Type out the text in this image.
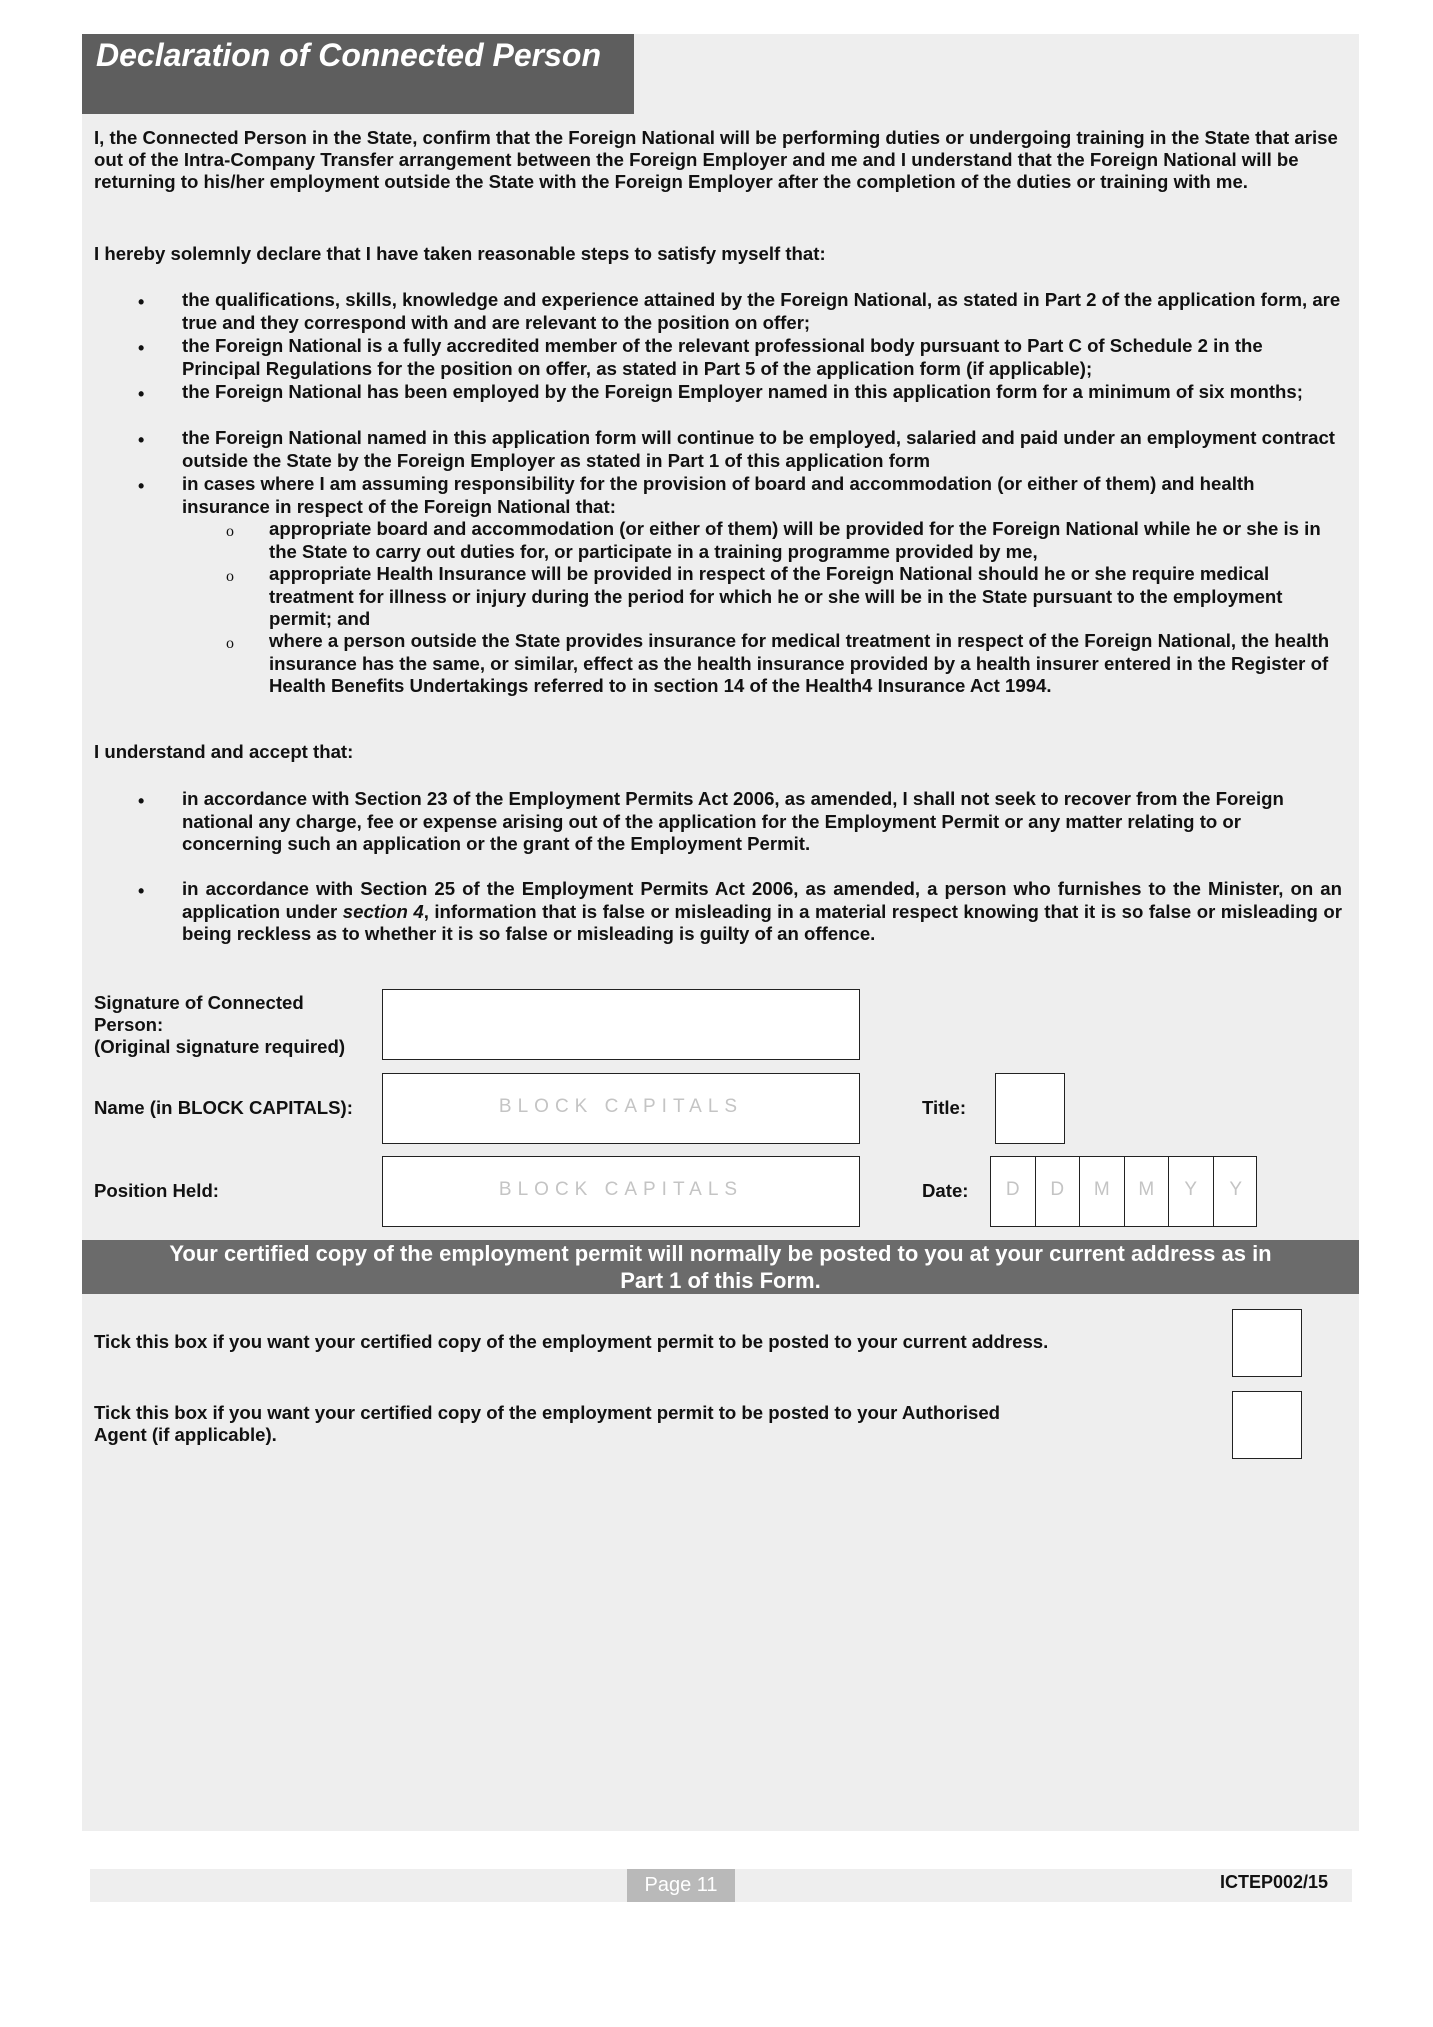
Declaration of Connected Person

I, the Connected Person in the State, confirm that the Foreign National will be performing duties or undergoing training in the State that arise out of the Intra-Company Transfer arrangement between the Foreign Employer and me and I understand that the Foreign National will be returning to his/her employment outside the State with the Foreign Employer after the completion of the duties or training with me.

I hereby solemnly declare that I have taken reasonable steps to satisfy myself that:

• the qualifications, skills, knowledge and experience attained by the Foreign National, as stated in Part 2 of the application form, are true and they correspond with and are relevant to the position on offer;

• the Foreign National is a fully accredited member of the relevant professional body pursuant to Part C of Schedule 2 in the Principal Regulations for the position on offer, as stated in Part 5 of the application form (if applicable);

• the Foreign National has been employed by the Foreign Employer named in this application form for a minimum of six months;

• the Foreign National named in this application form will continue to be employed, salaried and paid under an employment contract outside the State by the Foreign Employer as stated in Part 1 of this application form

• in cases where I am assuming responsibility for the provision of board and accommodation (or either of them) and health insurance in respect of the Foreign National that:

o appropriate board and accommodation (or either of them) will be provided for the Foreign National while he or she is in the State to carry out duties for, or participate in a training programme provided by me,

o appropriate Health Insurance will be provided in respect of the Foreign National should he or she require medical treatment for illness or injury during the period for which he or she will be in the State pursuant to the employment permit; and

o where a person outside the State provides insurance for medical treatment in respect of the Foreign National, the health insurance has the same, or similar, effect as the health insurance provided by a health insurer entered in the Register of Health Benefits Undertakings referred to in section 14 of the Health4 Insurance Act 1994.

I understand and accept that:

• in accordance with Section 23 of the Employment Permits Act 2006, as amended, I shall not seek to recover from the Foreign national any charge, fee or expense arising out of the application for the Employment Permit or any matter relating to or concerning such an application or the grant of the Employment Permit.

• in accordance with Section 25 of the Employment Permits Act 2006, as amended, a person who furnishes to the Minister, on an application under section 4, information that is false or misleading in a material respect knowing that it is so false or misleading or being reckless as to whether it is so false or misleading is guilty of an offence.

Signature of Connected
Person:
(Original signature required)
Name (in BLOCK CAPITALS):	BLOCK CAPITALS	Title:
Position Held:	BLOCK CAPITALS	Date:	D	D	M	M	Y	Y
Your certified copy of the employment permit will normally be posted to you at your current address as in
Part 1 of this Form.
Tick this box if you want your certified copy of the employment permit to be posted to your current address.
Tick this box if you want your certified copy of the employment permit to be posted to your Authorised
Agent (if applicable).
Page 11	ICTEP002/15
